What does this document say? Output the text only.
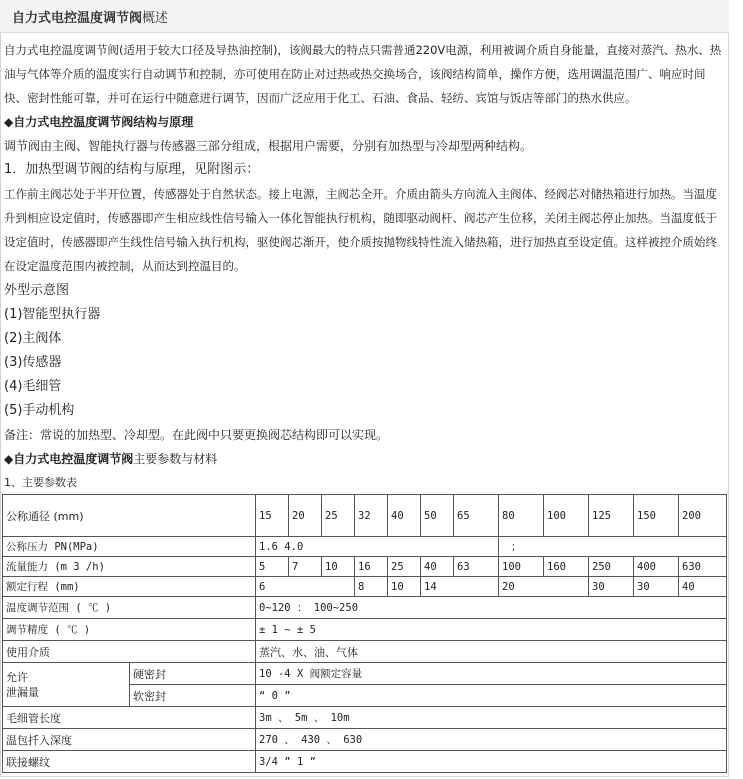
自力式电控温度调节阀概述

自力式电控温度调节阀(适用于较大口径及导热油控制)，该阀最大的特点只需普通220V电源，利用被调介质自身能量，直接对蒸汽、热水、热油与气体等介质的温度实行自动调节和控制，亦可使用在防止对过热或热交换场合，该阀结构简单，操作方便，选用调温范围广、响应时间快、密封性能可靠，并可在运行中随意进行调节，因而广泛应用于化工、石油、食品、轻纺、宾馆与饭店等部门的热水供应。

◆自力式电控温度调节阀结构与原理
调节阀由主阀、智能执行器与传感器三部分组成，根据用户需要，分别有加热型与冷却型两种结构。
1．加热型调节阀的结构与原理，见附图示：

工作前主阀芯处于半开位置，传感器处于自然状态。接上电源，主阀芯全开。介质由箭头方向流入主阀体、经阀芯对储热箱进行加热。当温度升到相应设定值时，传感器即产生相应线性信号输入一体化智能执行机构，随即驱动阀杆、阀芯产生位移，关闭主阀芯停止加热。当温度低于设定值时，传感器即产生线性信号输入执行机构，驱使阀芯渐开，使介质按抛物线特性流入储热箱，进行加热直至设定值。这样被控介质始终在设定温度范围内被控制，从而达到控温目的。

外型示意图
(1)智能型执行器
(2)主阀体
(3)传感器
(4)毛细管
(5)手动机构
备注：常说的加热型、冷却型。在此阀中只要更换阀芯结构即可以实现。
◆自力式电控温度调节阀主要参数与材料
1、主要参数表
公称通径 (mm)		15	20	25	32	40	50	65	80	100	125	150	200
公称压力 PN(MPa)		1.6 4.0							；				
流量能力 (m 3 /h)		5	7	10	16	25	40	63	100	160	250	400	630
额定行程 (mm)		6			8	10	14		20		30	30	40
温度调节范围 ( ℃ )		0~120 ： 100~250											
调节精度 ( ℃ )		± 1 ~ ± 5											
使用介质		蒸汽、水、油、气体											
允许
泄漏量	硬密封	10 -4 X 阀额定容量											
	软密封	“ 0 ”											
毛细管长度		3m 、 5m 、 10m											
温包扦入深度		270 、 430 、 630											
联接螺纹		3/4 ” 1 ”											
